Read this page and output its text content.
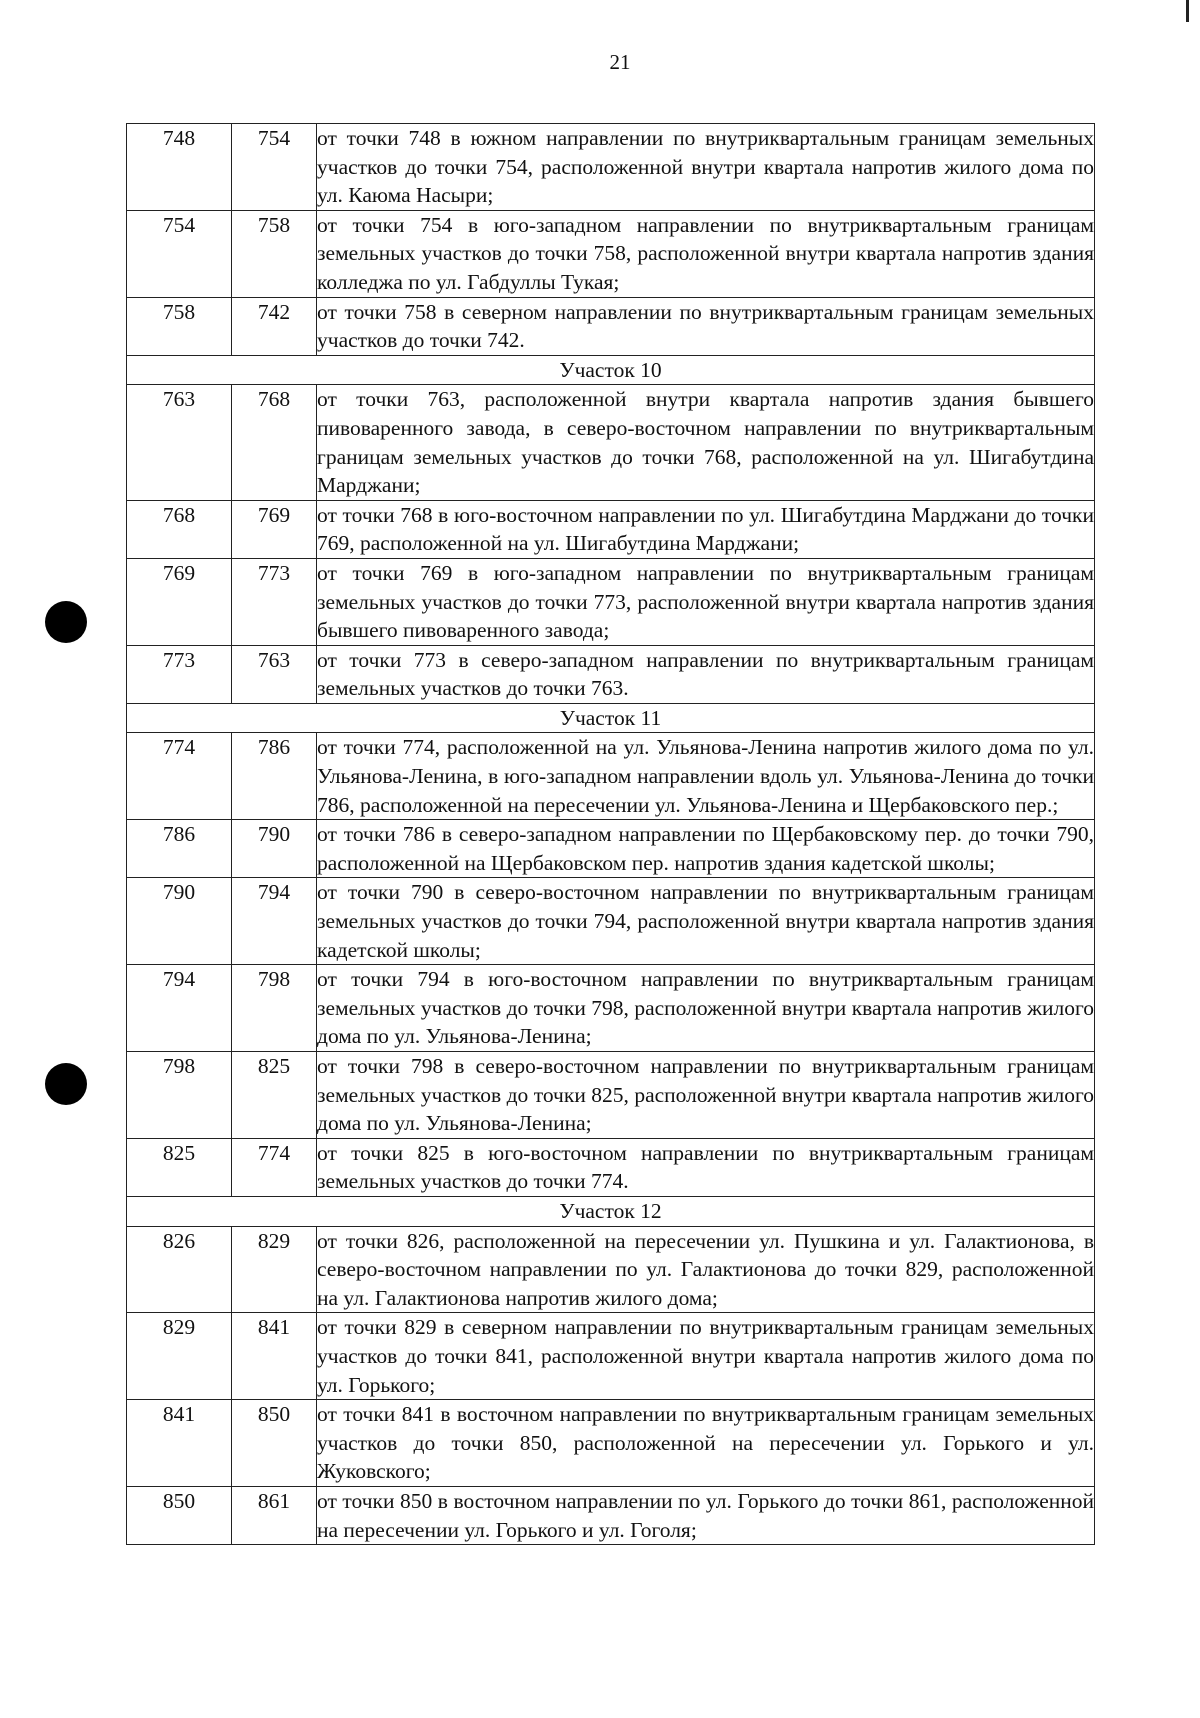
21
748	754	от точки 748 в южном направлении по внутриквартальным границам земельных участков до точки 754, расположенной внутри квартала напротив жилого дома по ул. Каюма Насыри;
754	758	от точки 754 в юго-западном направлении по внутриквартальным границам земельных участков до точки 758, расположенной внутри квартала напротив здания колледжа по ул. Габдуллы Тукая;
758	742	от точки 758 в северном направлении по внутриквартальным границам земельных участков до точки 742.
Участок 10		
763	768	от точки 763, расположенной внутри квартала напротив здания бывшего пивоваренного завода, в северо-восточном направлении по внутриквартальным границам земельных участков до точки 768, расположенной на ул. Шигабутдина Марджани;
768	769	от точки 768 в юго-восточном направлении по ул. Шигабутдина Марджани до точки 769, расположенной на ул. Шигабутдина Марджани;
769	773	от точки 769 в юго-западном направлении по внутриквартальным границам земельных участков до точки 773, расположенной внутри квартала напротив здания бывшего пивоваренного завода;
773	763	от точки 773 в северо-западном направлении по внутриквартальным границам земельных участков до точки 763.
Участок 11		
774	786	от точки 774, расположенной на ул. Ульянова-Ленина напротив жилого дома по ул. Ульянова-Ленина, в юго-западном направлении вдоль ул. Ульянова-Ленина до точки 786, расположенной на пересечении ул. Ульянова-Ленина и Щербаковского пер.;
786	790	от точки 786 в северо-западном направлении по Щербаковскому пер. до точки 790, расположенной на Щербаковском пер. напротив здания кадетской школы;
790	794	от точки 790 в северо-восточном направлении по внутриквартальным границам земельных участков до точки 794, расположенной внутри квартала напротив здания кадетской школы;
794	798	от точки 794 в юго-восточном направлении по внутриквартальным границам земельных участков до точки 798, расположенной внутри квартала напротив жилого дома по ул. Ульянова-Ленина;
798	825	от точки 798 в северо-восточном направлении по внутриквартальным границам земельных участков до точки 825, расположенной внутри квартала напротив жилого дома по ул. Ульянова-Ленина;
825	774	от точки 825 в юго-восточном направлении по внутриквартальным границам земельных участков до точки 774.
Участок 12		
826	829	от точки 826, расположенной на пересечении ул. Пушкина и ул. Галактионова, в северо-восточном направлении по ул. Галактионова до точки 829, расположенной на ул. Галактионова напротив жилого дома;
829	841	от точки 829 в северном направлении по внутриквартальным границам земельных участков до точки 841, расположенной внутри квартала напротив жилого дома по ул. Горького;
841	850	от точки 841 в восточном направлении по внутриквартальным границам земельных участков до точки 850, расположенной на пересечении ул. Горького и ул. Жуковского;
850	861	от точки 850 в восточном направлении по ул. Горького до точки 861, расположенной на пересечении ул. Горького и ул. Гоголя;
